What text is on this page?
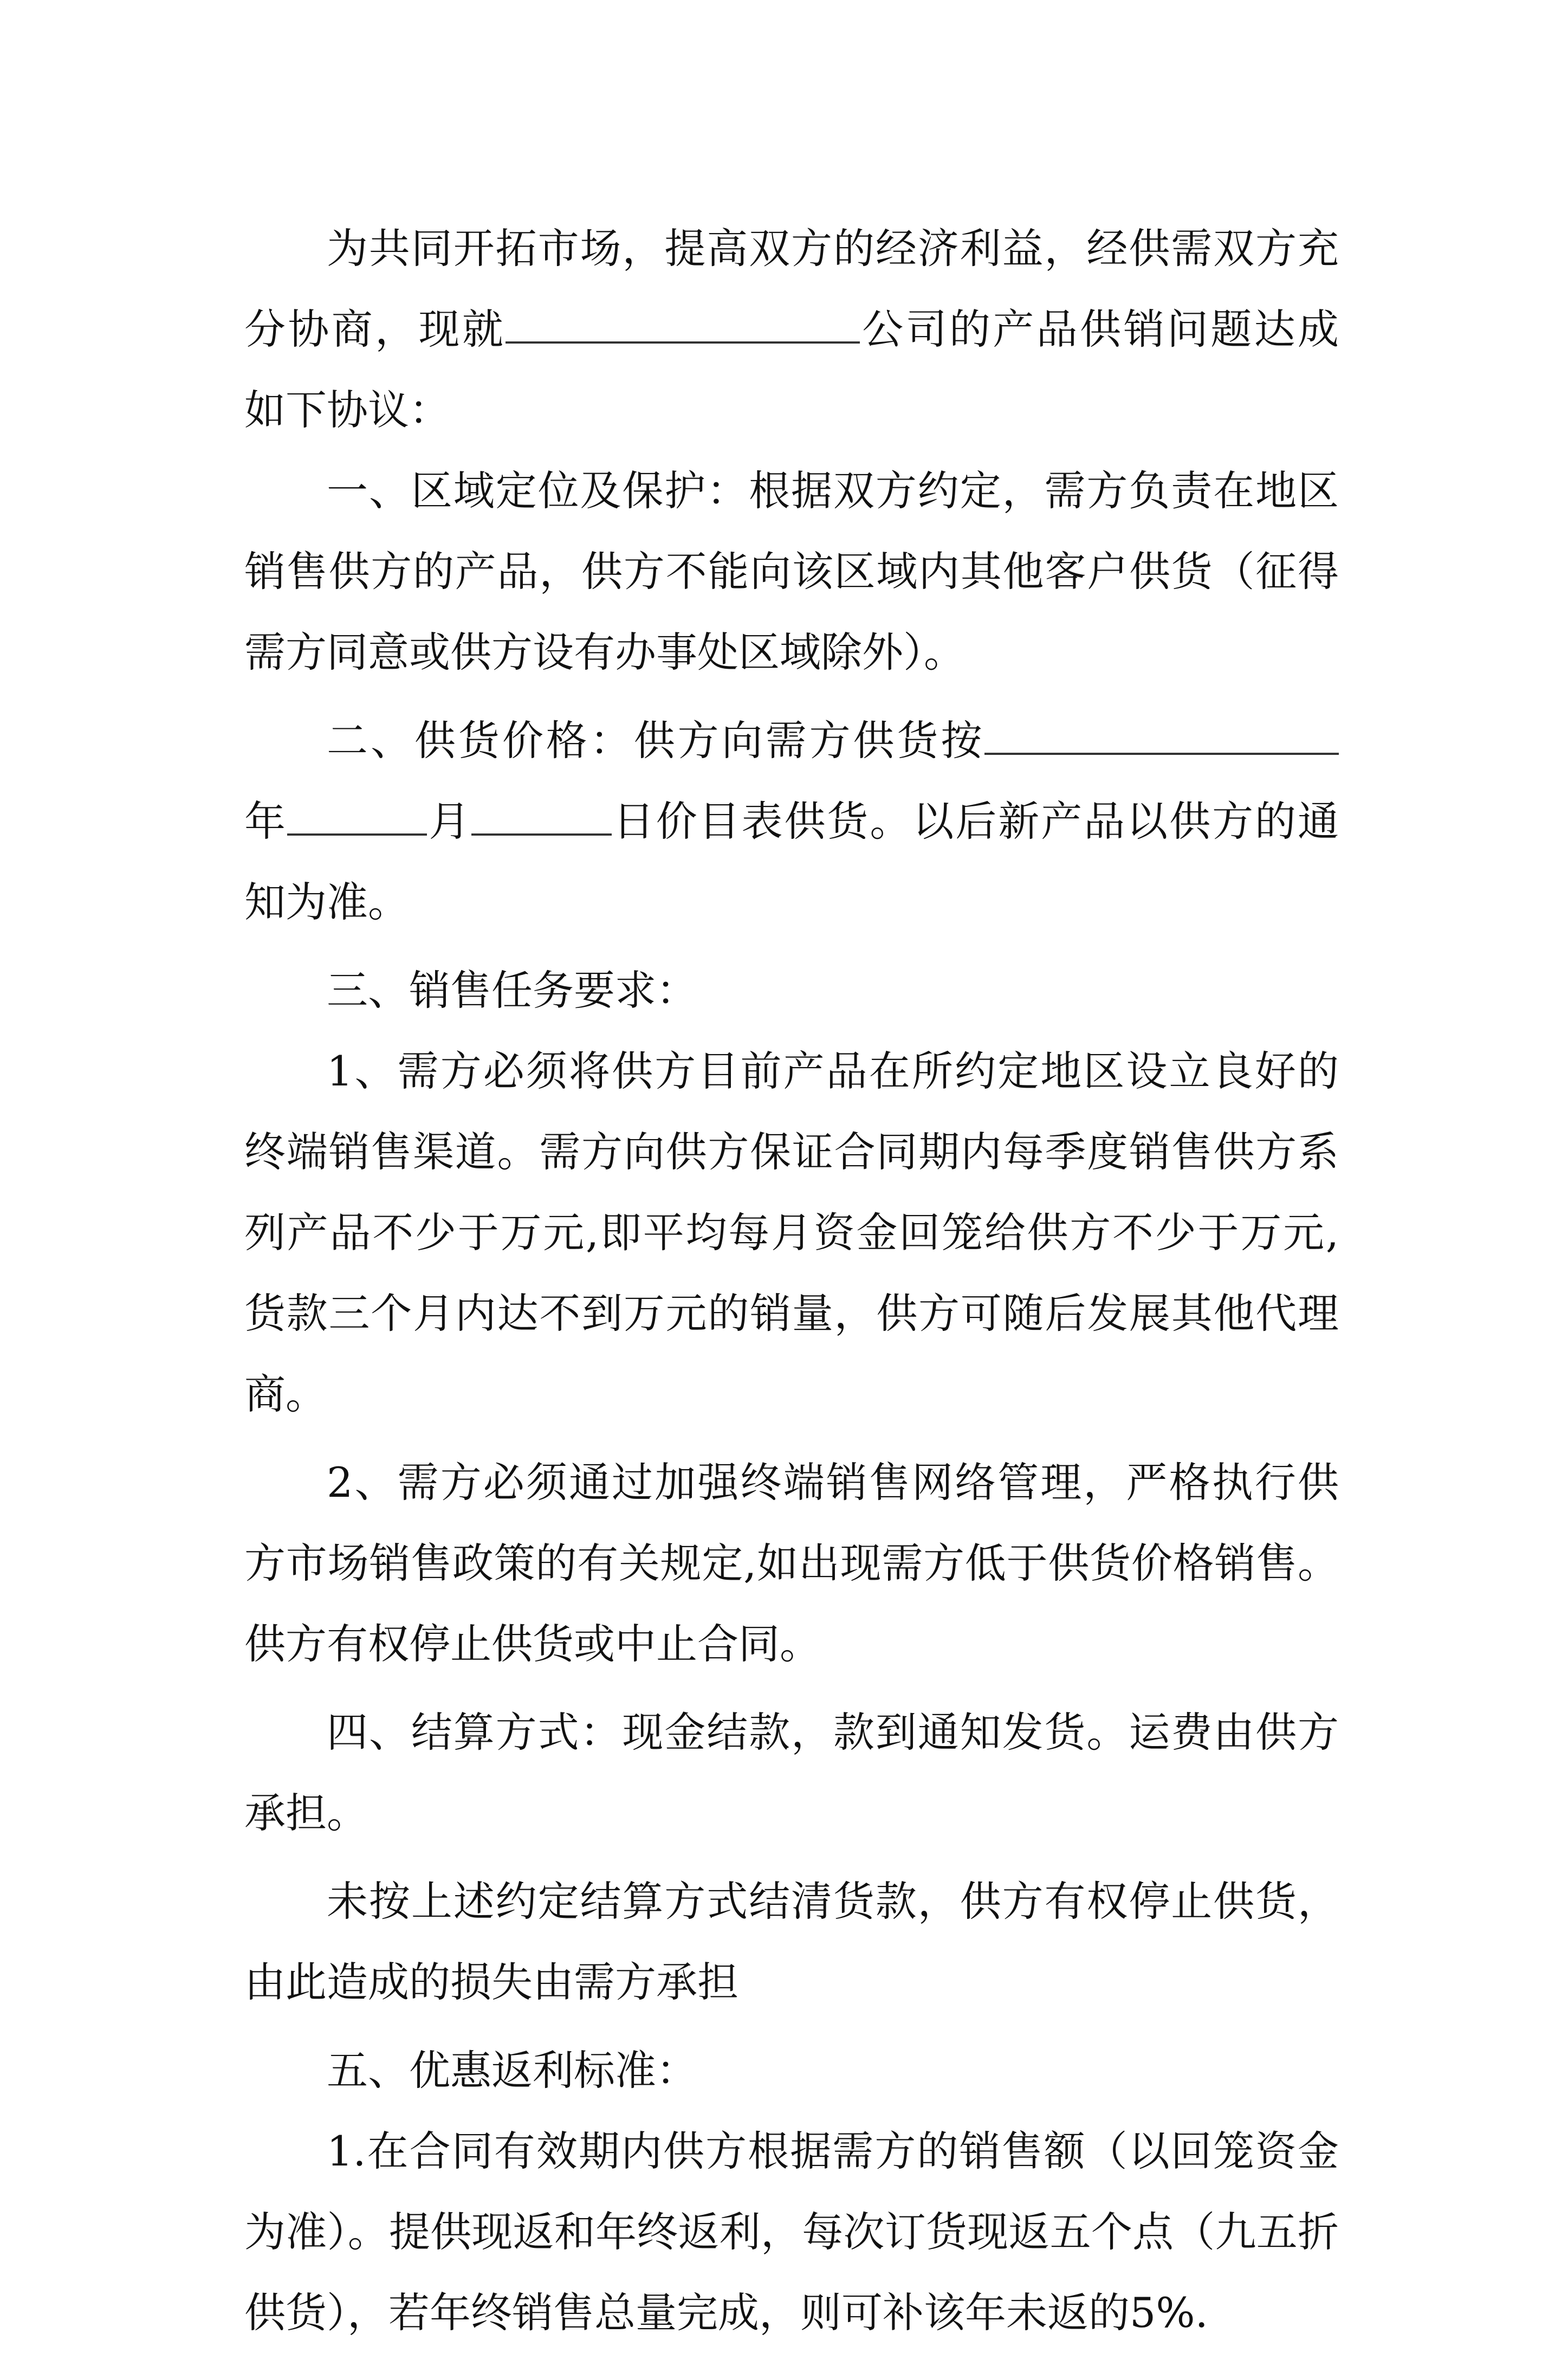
为共同开拓市场，提高双方的经济利益，经供需双方充分协商，现就	公司的产品供销问题达成如下协议：

一、区域定位及保护：根据双方约定，需方负责在地区销售供方的产品，供方不能向该区域内其他客户供货（征得需方同意或供方设有办事处区域除外）。

二、供货价格：供方向需方供货按年	月	日价目表供货。以后新产品以供方的通知为准。

三、销售任务要求：

1、需方必须将供方目前产品在所约定地区设立良好的终端销售渠道。需方向供方保证合同期内每季度销售供方系列产品不少于万元,即平均每月资金回笼给供方不少于万元,货款三个月内达不到万元的销量，供方可随后发展其他代理商。

2、需方必须通过加强终端销售网络管理，严格执行供方市场销售政策的有关规定,如出现需方低于供货价格销售。供方有权停止供货或中止合同。

四、结算方式：现金结款，款到通知发货。运费由供方承担。

未按上述约定结算方式结清货款，供方有权停止供货，由此造成的损失由需方承担

五、优惠返利标准：

1.在合同有效期内供方根据需方的销售额（以回笼资金为准）。提供现返和年终返利，每次订货现返五个点（九五折供货），若年终销售总量完成，则可补该年未返的5%.
